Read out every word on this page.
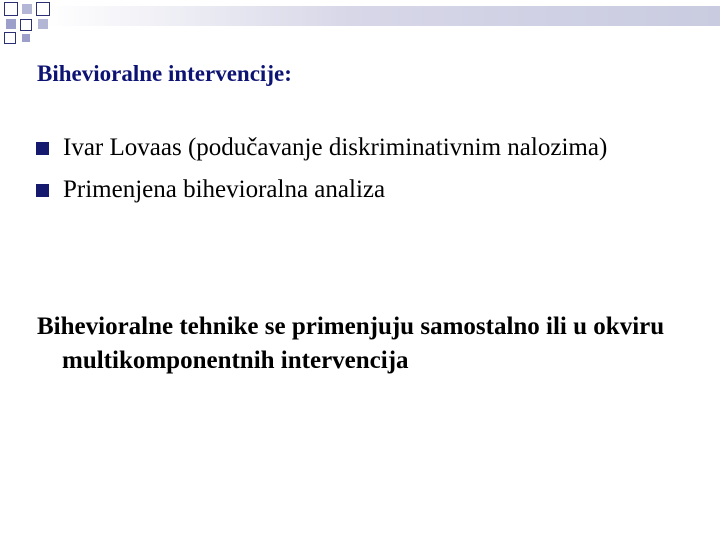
Bihevioralne intervencije:
Ivar Lovaas (podučavanje diskriminativnim nalozima)
Primenjena bihevioralna analiza
Bihevioralne tehnike se primenjuju samostalno ili u okviru multikomponentnih intervencija
